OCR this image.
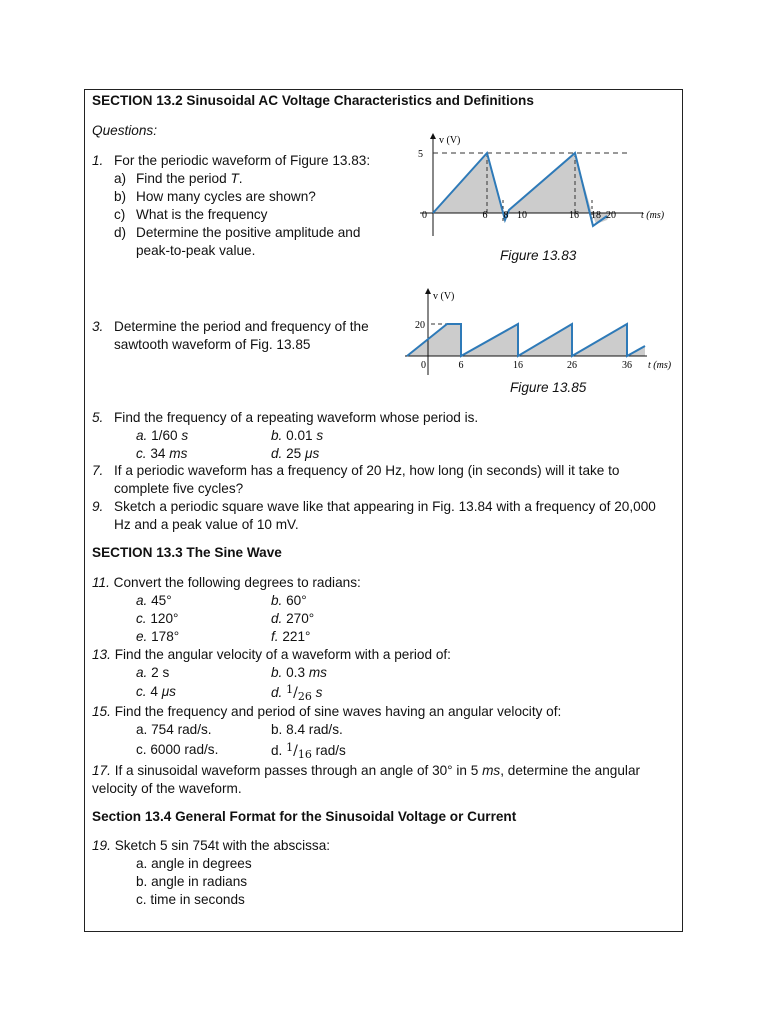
SECTION 13.2 Sinusoidal AC Voltage Characteristics and Definitions
Questions:
1. For the periodic waveform of Figure 13.83:
a) Find the period T.
b) How many cycles are shown?
c) What is the frequency
d) Determine the positive amplitude and
peak-to-peak value.
v (V)
5
0	6 8 10	16 18 20	t (ms)
Figure 13.83
3. Determine the period and frequency of the
sawtooth waveform of Fig. 13.85
v (V)
20
0	6	16	26	36 t (ms)
Figure 13.85
5. Find the frequency of a repeating waveform whose period is.
a. 1/60 s	b. 0.01 s
c. 34 ms	d. 25 μs
7. If a periodic waveform has a frequency of 20 Hz, how long (in seconds) will it take to
complete five cycles?
9. Sketch a periodic square wave like that appearing in Fig. 13.84 with a frequency of 20,000
Hz and a peak value of 10 mV.
SECTION 13.3 The Sine Wave
11. Convert the following degrees to radians:
a. 45°	b. 60°
c. 120°	d. 270°
e. 178°	f. 221°
13. Find the angular velocity of a waveform with a period of:
a. 2 s	b. 0.3 ms
c. 4 μs	d. $^1/_{26}$ s
15. Find the frequency and period of sine waves having an angular velocity of:
a. 754 rad/s.	b. 8.4 rad/s.
c. 6000 rad/s.	d. $^1/_{16}$ rad/s
17. If a sinusoidal waveform passes through an angle of 30° in 5 ms, determine the angular
velocity of the waveform.
Section 13.4 General Format for the Sinusoidal Voltage or Current
19. Sketch 5 sin 754t with the abscissa:
a. angle in degrees
b. angle in radians
c. time in seconds
